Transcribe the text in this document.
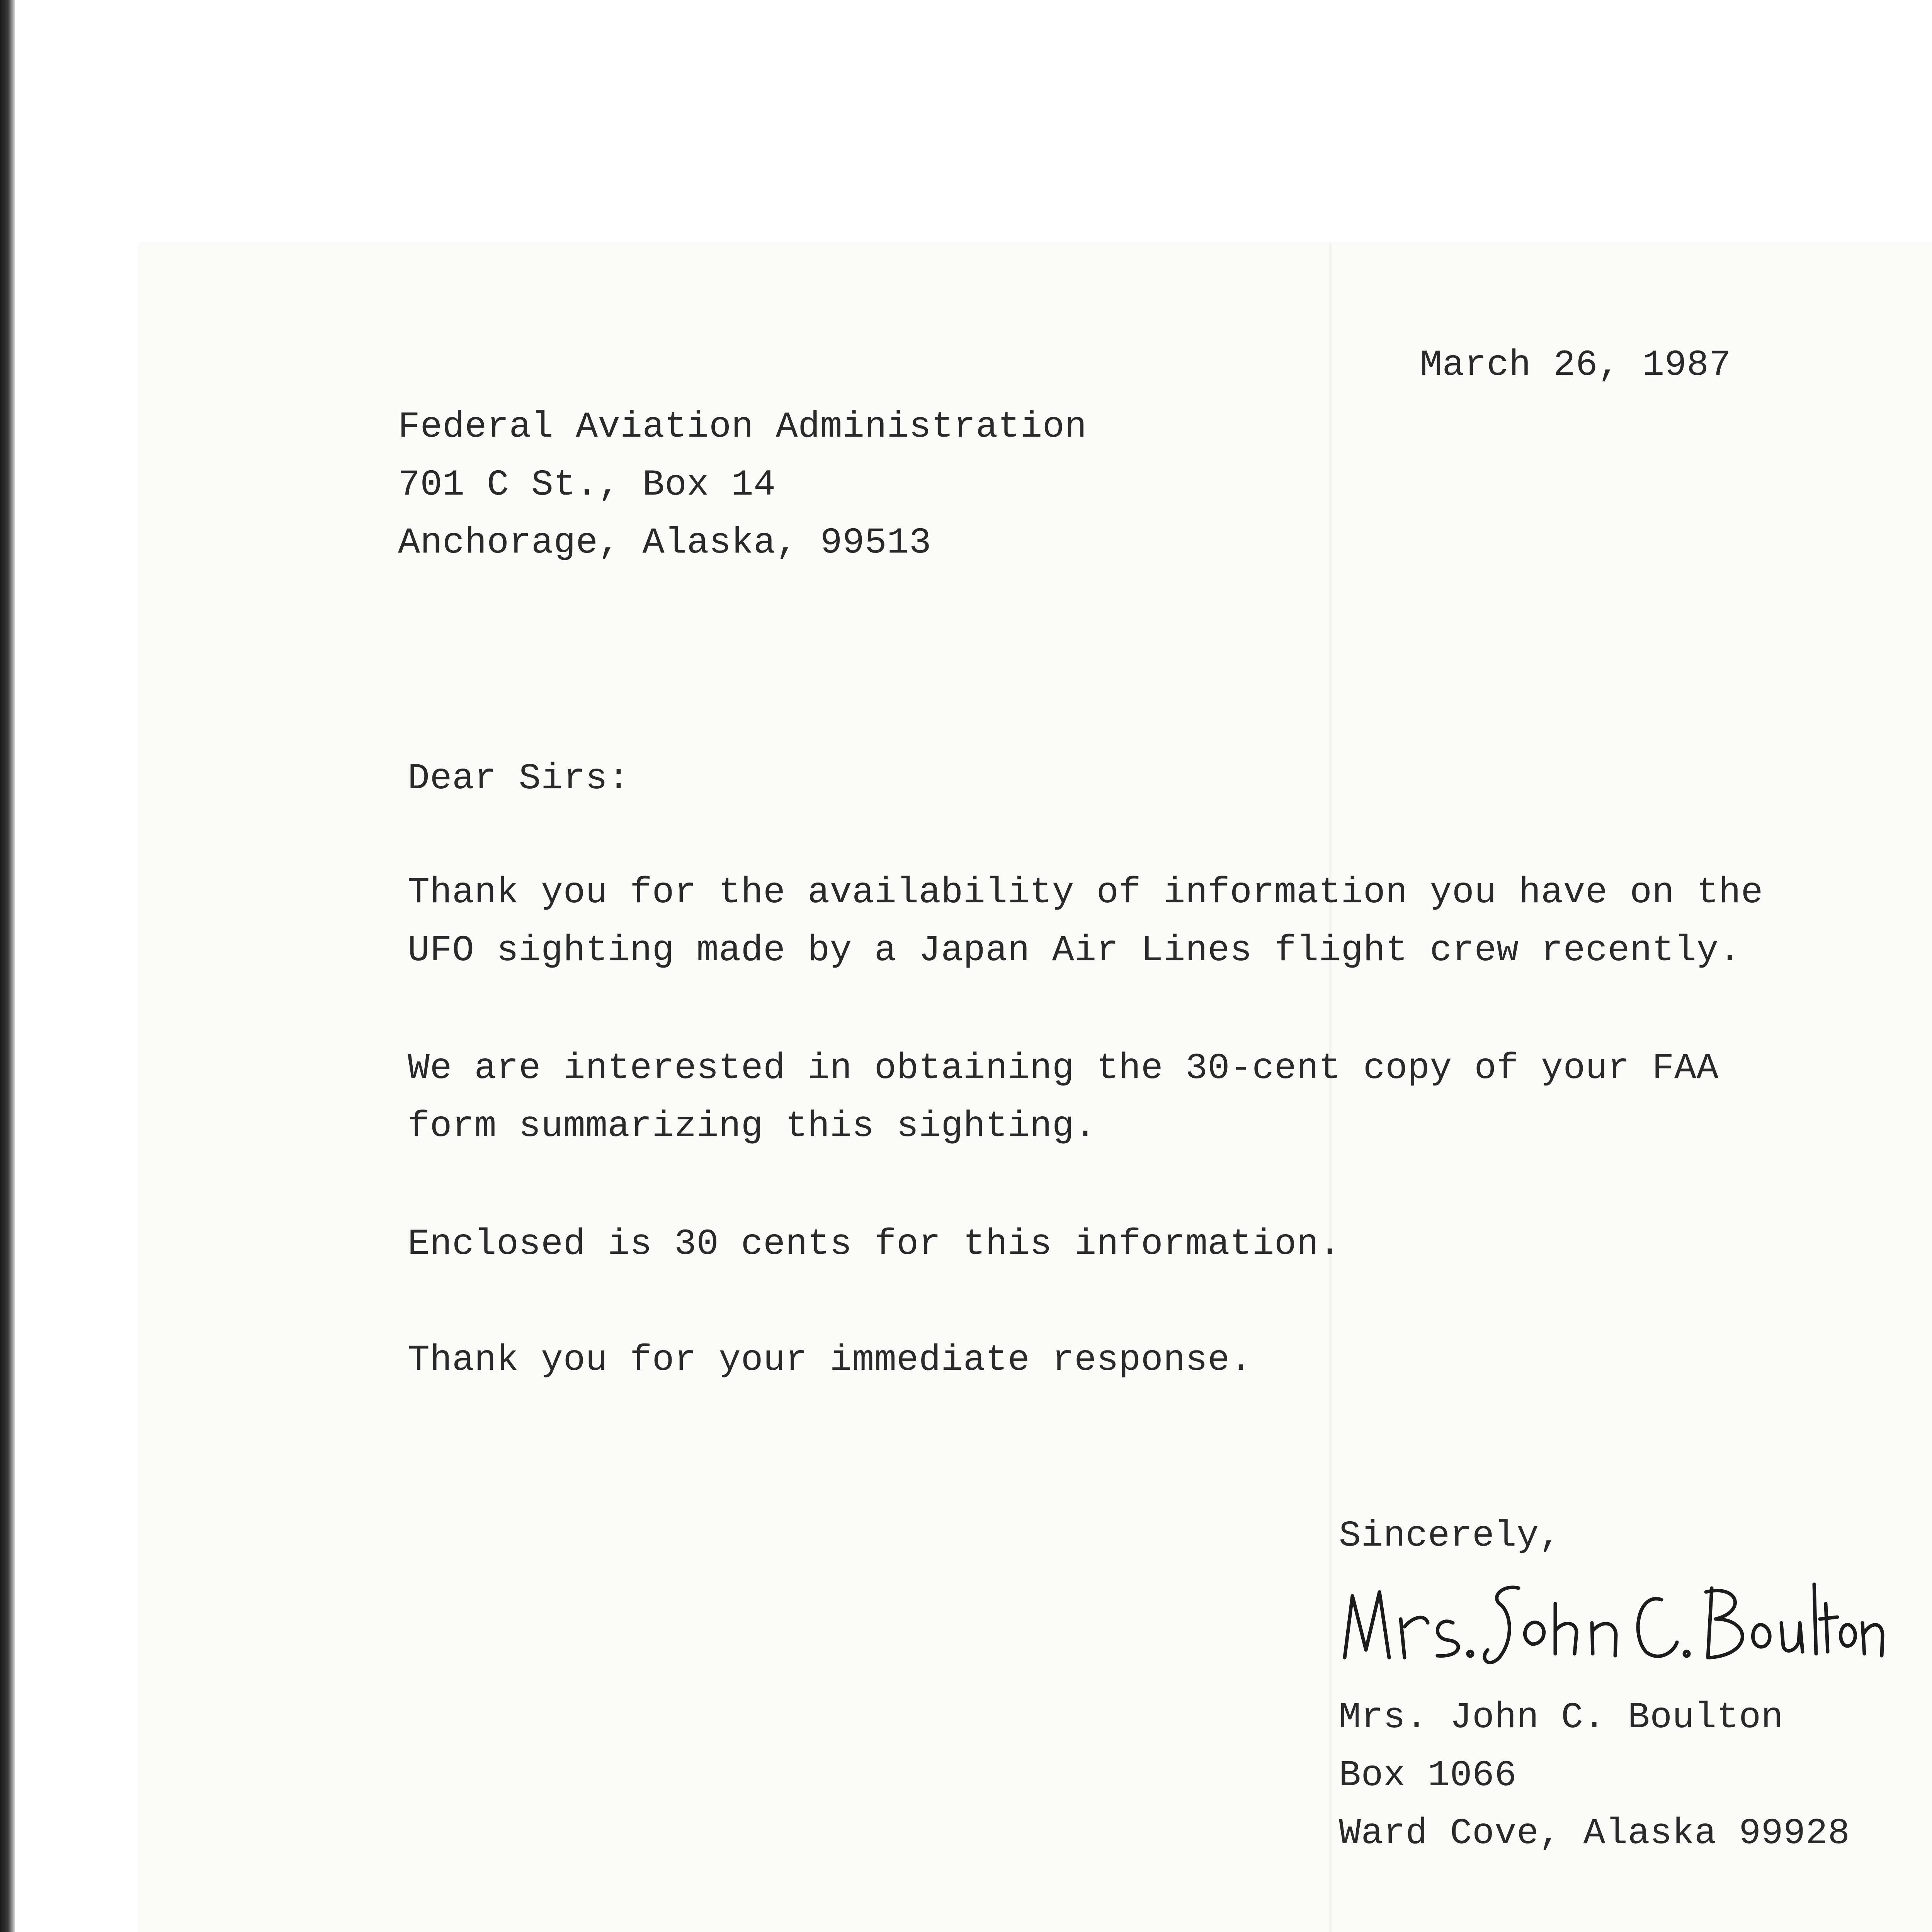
March 26, 1987

Federal Aviation Administration

701 C St., Box 14

Anchorage, Alaska, 99513

Dear Sirs:

Thank you for the availability of information you have on the

UFO sighting made by a Japan Air Lines flight crew recently.

We are interested in obtaining the 30-cent copy of your FAA

form summarizing this sighting.

Enclosed is 30 cents for this information.

Thank you for your immediate response.

Sincerely,

Mrs. John C. Boulton

Box 1066

Ward Cove, Alaska 99928
